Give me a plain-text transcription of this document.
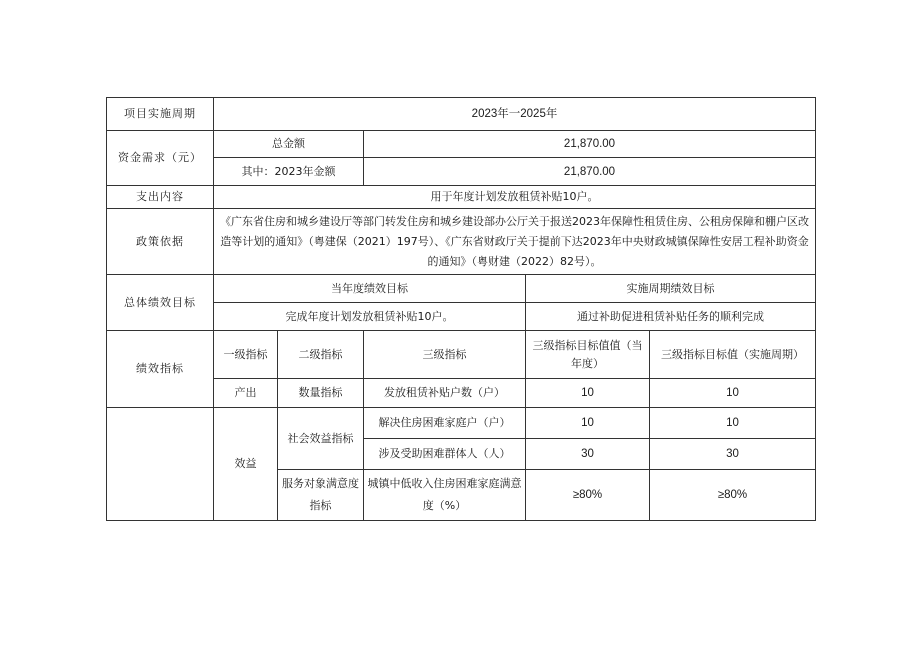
项目实施周期	2023年一2025年				
资金需求（元）	总金额		21,870.00		
	其中：2023年金额		21,870.00		
支出内容	用于年度计划发放租赁补贴10户。				
政策依据	《广东省住房和城乡建设厅等部门转发住房和城乡建设部办公厅关于报送2023年保障性租赁住房、公租房保障和棚户区改造等计划的通知》（粤建保（2021）197号）、《广东省财政厅关于提前下达2023年中央财政城镇保障性安居工程补助资金的通知》（粤财建（2022）82号）。				
总体绩效目标	当年度绩效目标			实施周期绩效目标	
	完成年度计划发放租赁补贴10户。			通过补助促进租赁补贴任务的顺利完成	
绩效指标	一级指标	二级指标	三级指标	三级指标目标值值（当年度）	三级指标目标值（实施周期）
	产出	数量指标	发放租赁补贴户数（户）	10	10
	效益	社会效益指标	解决住房困难家庭户（户）	10	10
			涉及受助困难群体人（人）	30	30
		服务对象满意度指标	城镇中低收入住房困难家庭满意度（%）	≥80%	≥80%
